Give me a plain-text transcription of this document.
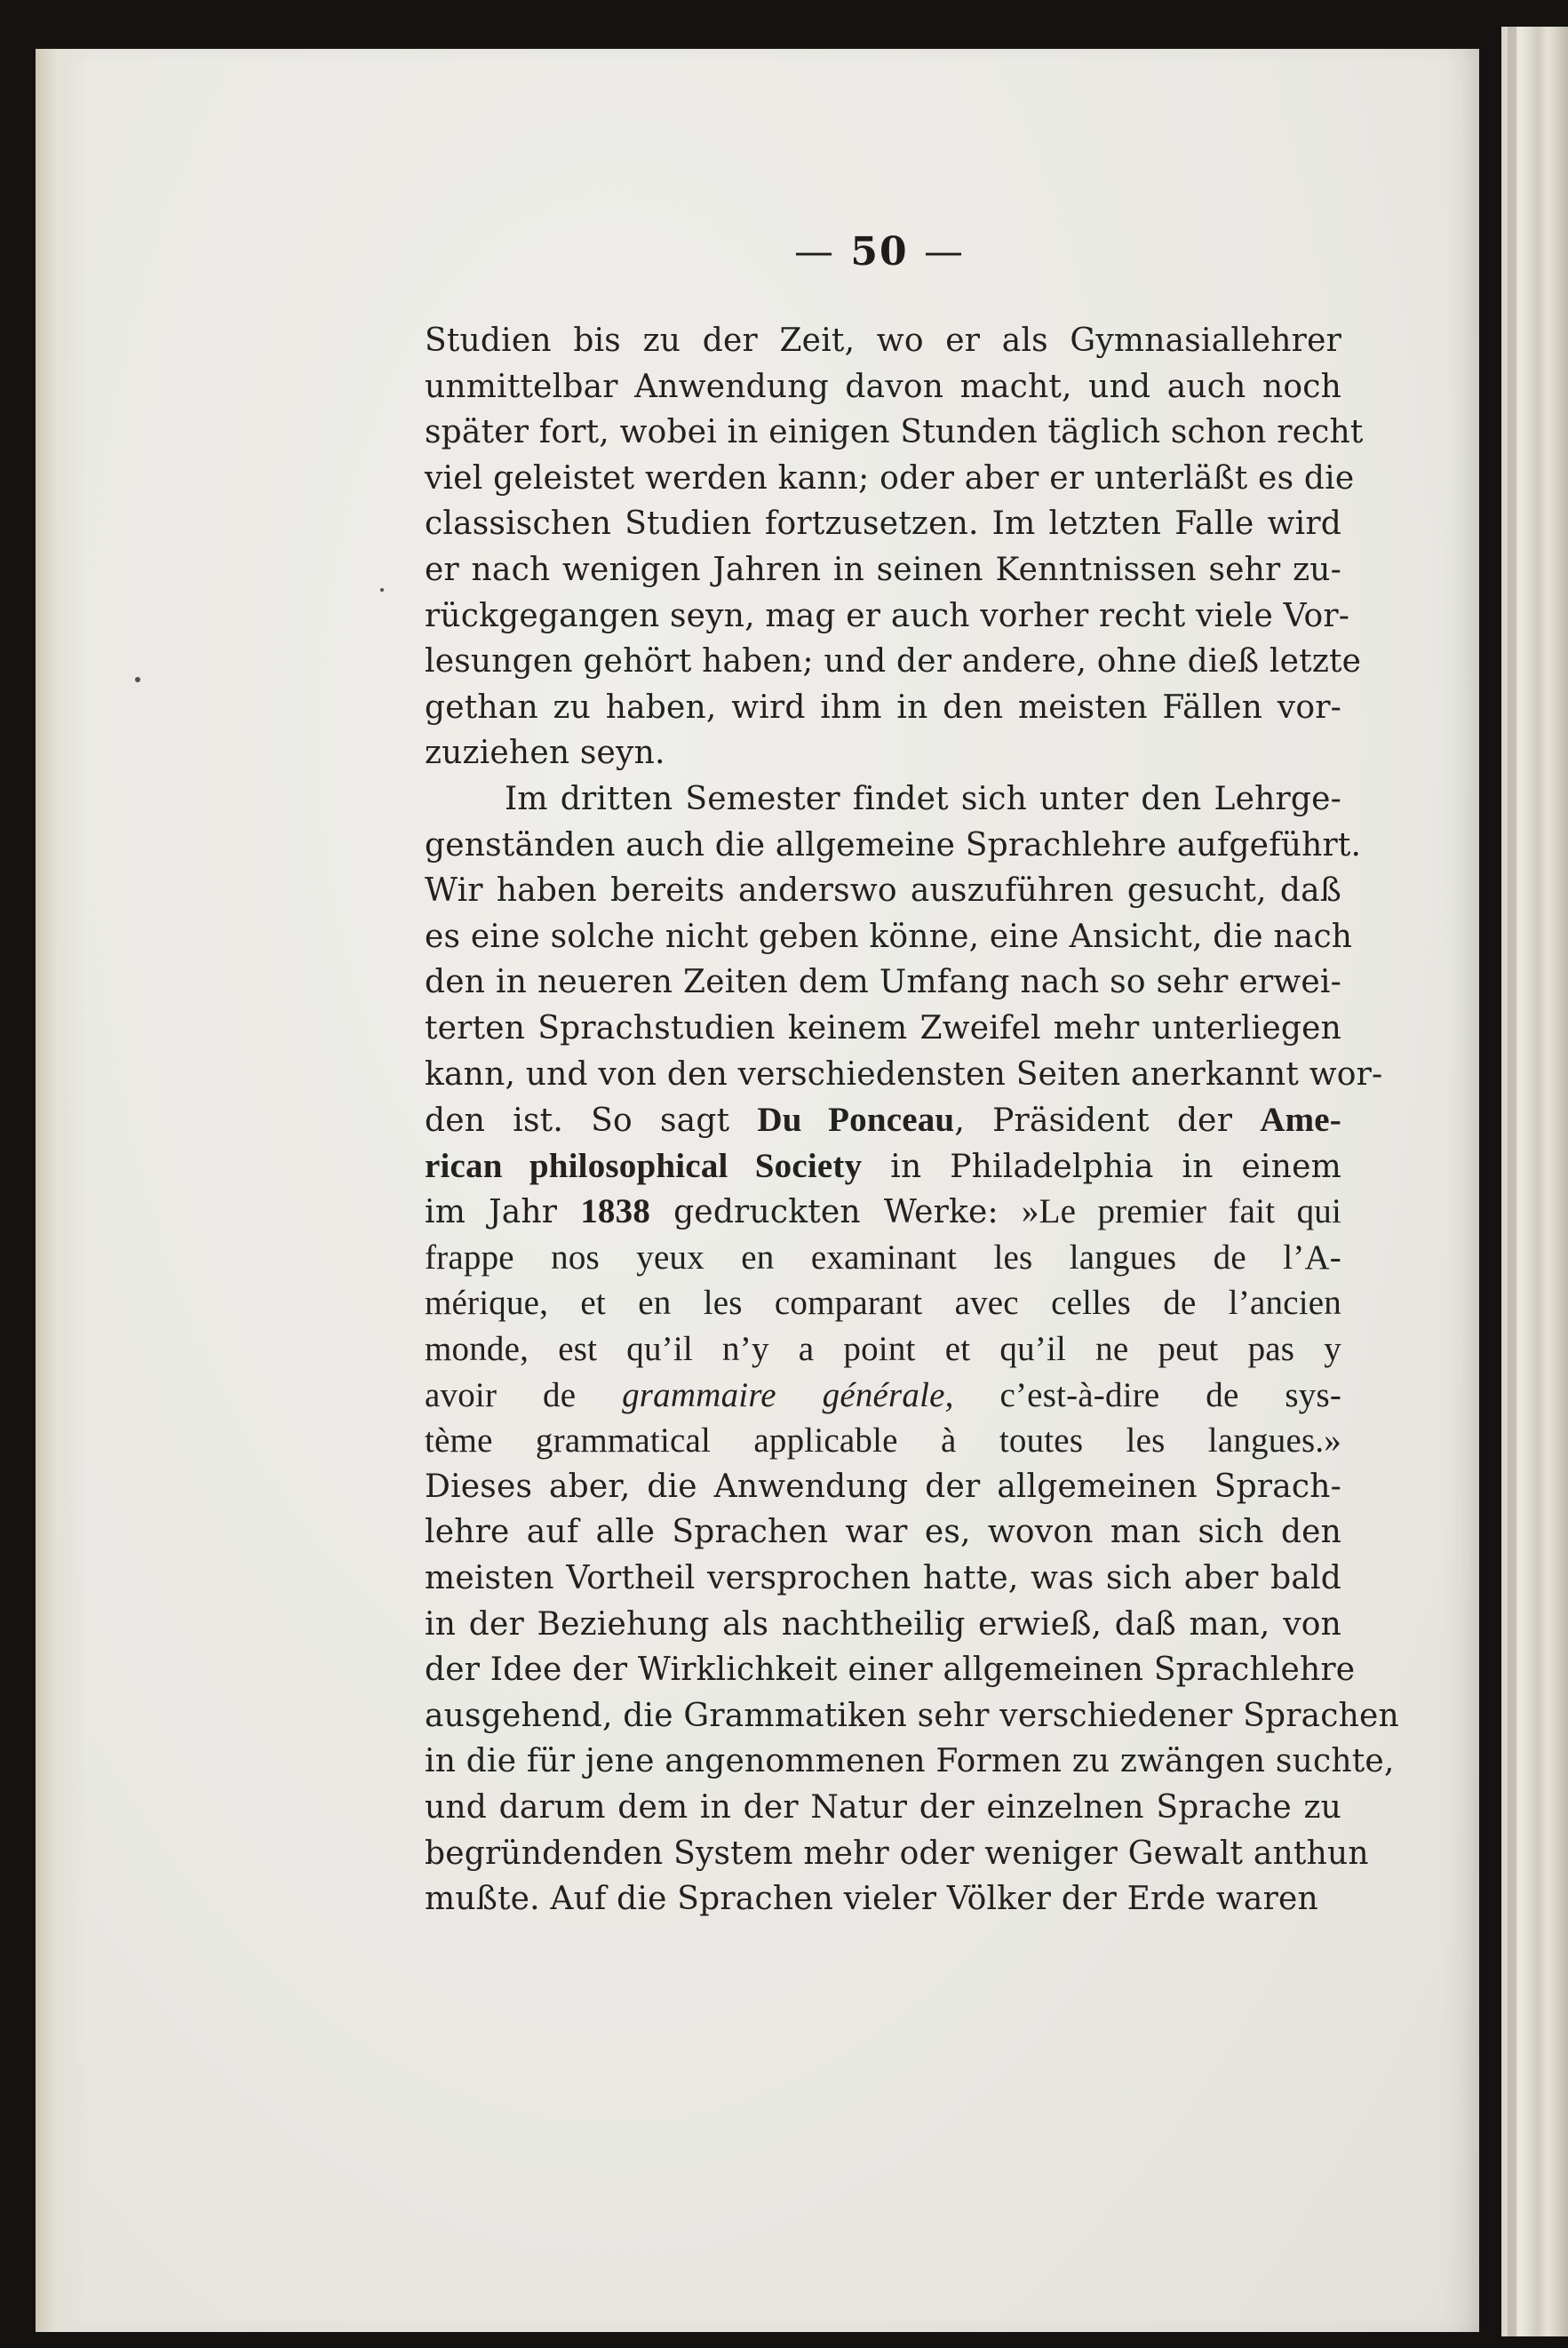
— 50 —
Studien bis zu der Zeit, wo er als Gymnasiallehrer
unmittelbar Anwendung davon macht, und auch noch
später fort, wobei in einigen Stunden täglich schon recht
viel geleistet werden kann; oder aber er unterläßt es die
classischen Studien fortzusetzen. Im letzten Falle wird
er nach wenigen Jahren in seinen Kenntnissen sehr zu-
rückgegangen seyn, mag er auch vorher recht viele Vor-
lesungen gehört haben; und der andere, ohne dieß letzte
gethan zu haben, wird ihm in den meisten Fällen vor-
zuziehen seyn.
Im dritten Semester findet sich unter den Lehrge-
genständen auch die allgemeine Sprachlehre aufgeführt.
Wir haben bereits anderswo auszuführen gesucht, daß
es eine solche nicht geben könne, eine Ansicht, die nach
den in neueren Zeiten dem Umfang nach so sehr erwei-
terten Sprachstudien keinem Zweifel mehr unterliegen
kann, und von den verschiedensten Seiten anerkannt wor-
den ist. So sagt Du Ponceau, Präsident der Ame-
rican philosophical Society in Philadelphia in einem
im Jahr 1838 gedruckten Werke: »Le premier fait qui
frappe nos yeux en examinant les langues de l’A-
mérique, et en les comparant avec celles de l’ancien
monde, est qu’il n’y a point et qu’il ne peut pas y
avoir de grammaire générale, c’est-à-dire de sys-
tème grammatical applicable à toutes les langues.»
Dieses aber, die Anwendung der allgemeinen Sprach-
lehre auf alle Sprachen war es, wovon man sich den
meisten Vortheil versprochen hatte, was sich aber bald
in der Beziehung als nachtheilig erwieß, daß man, von
der Idee der Wirklichkeit einer allgemeinen Sprachlehre
ausgehend, die Grammatiken sehr verschiedener Sprachen
in die für jene angenommenen Formen zu zwängen suchte,
und darum dem in der Natur der einzelnen Sprache zu
begründenden System mehr oder weniger Gewalt anthun
mußte. Auf die Sprachen vieler Völker der Erde waren
